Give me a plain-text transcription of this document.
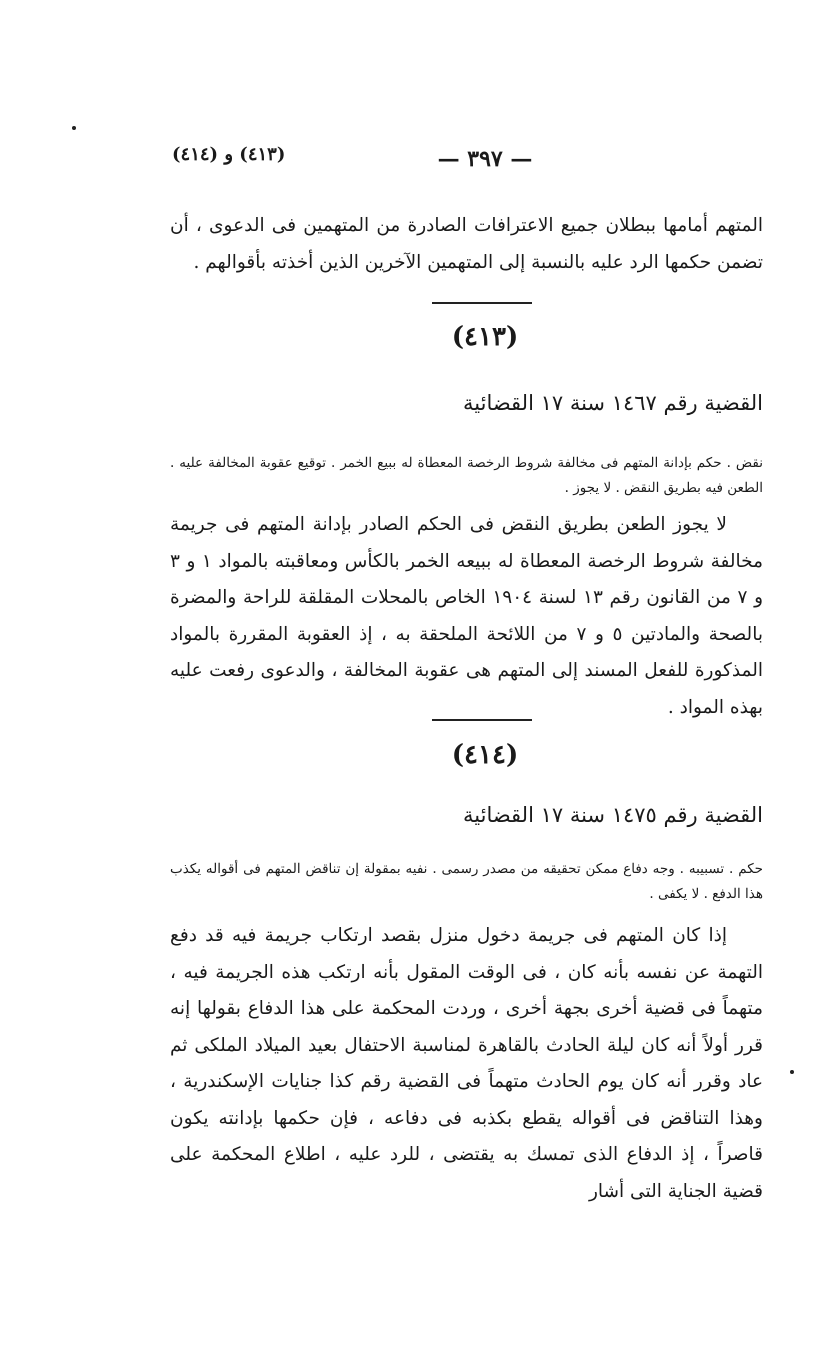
— ٣٩٧ —
(٤١٣) و (٤١٤)

المتهم أمامها ببطلان جميع الاعترافات الصادرة من المتهمين فى الدعوى ، أن تضمن حكمها الرد عليه بالنسبة إلى المتهمين الآخرين الذين أخذته بأقوالهم .

(٤١٣)

القضية رقم ١٤٦٧ سنة ١٧ القضائية

نقض . حكم بإدانة المتهم فى مخالفة شروط الرخصة المعطاة له ببيع الخمر . توقيع عقوبة المخالفة عليه . الطعن فيه بطريق النقض . لا يجوز .

لا يجوز الطعن بطريق النقض فى الحكم الصادر بإدانة المتهم فى جريمة مخالفة شروط الرخصة المعطاة له ببيعه الخمر بالكأس ومعاقبته بالمواد ١ و ٣ و ٧ من القانون رقم ١٣ لسنة ١٩٠٤ الخاص بالمحلات المقلقة للراحة والمضرة بالصحة والمادتين ٥ و ٧ من اللائحة الملحقة به ، إذ العقوبة المقررة بالمواد المذكورة للفعل المسند إلى المتهم هى عقوبة المخالفة ، والدعوى رفعت عليه بهذه المواد .

(٤١٤)

القضية رقم ١٤٧٥ سنة ١٧ القضائية

حكم . تسبيبه . وجه دفاع ممكن تحقيقه من مصدر رسمى . نفيه بمقولة إن تناقض المتهم فى أقواله يكذب هذا الدفع . لا يكفى .

إذا كان المتهم فى جريمة دخول منزل بقصد ارتكاب جريمة فيه قد دفع التهمة عن نفسه بأنه كان ، فى الوقت المقول بأنه ارتكب هذه الجريمة فيه ، متهماً فى قضية أخرى بجهة أخرى ، وردت المحكمة على هذا الدفاع بقولها إنه قرر أولاً أنه كان ليلة الحادث بالقاهرة لمناسبة الاحتفال بعيد الميلاد الملكى ثم عاد وقرر أنه كان يوم الحادث متهماً فى القضية رقم كذا جنايات الإسكندرية ، وهذا التناقض فى أقواله يقطع بكذبه فى دفاعه ، فإن حكمها بإدانته يكون قاصراً ، إذ الدفاع الذى تمسك به يقتضى ، للرد عليه ، اطلاع المحكمة على قضية الجناية التى أشار
